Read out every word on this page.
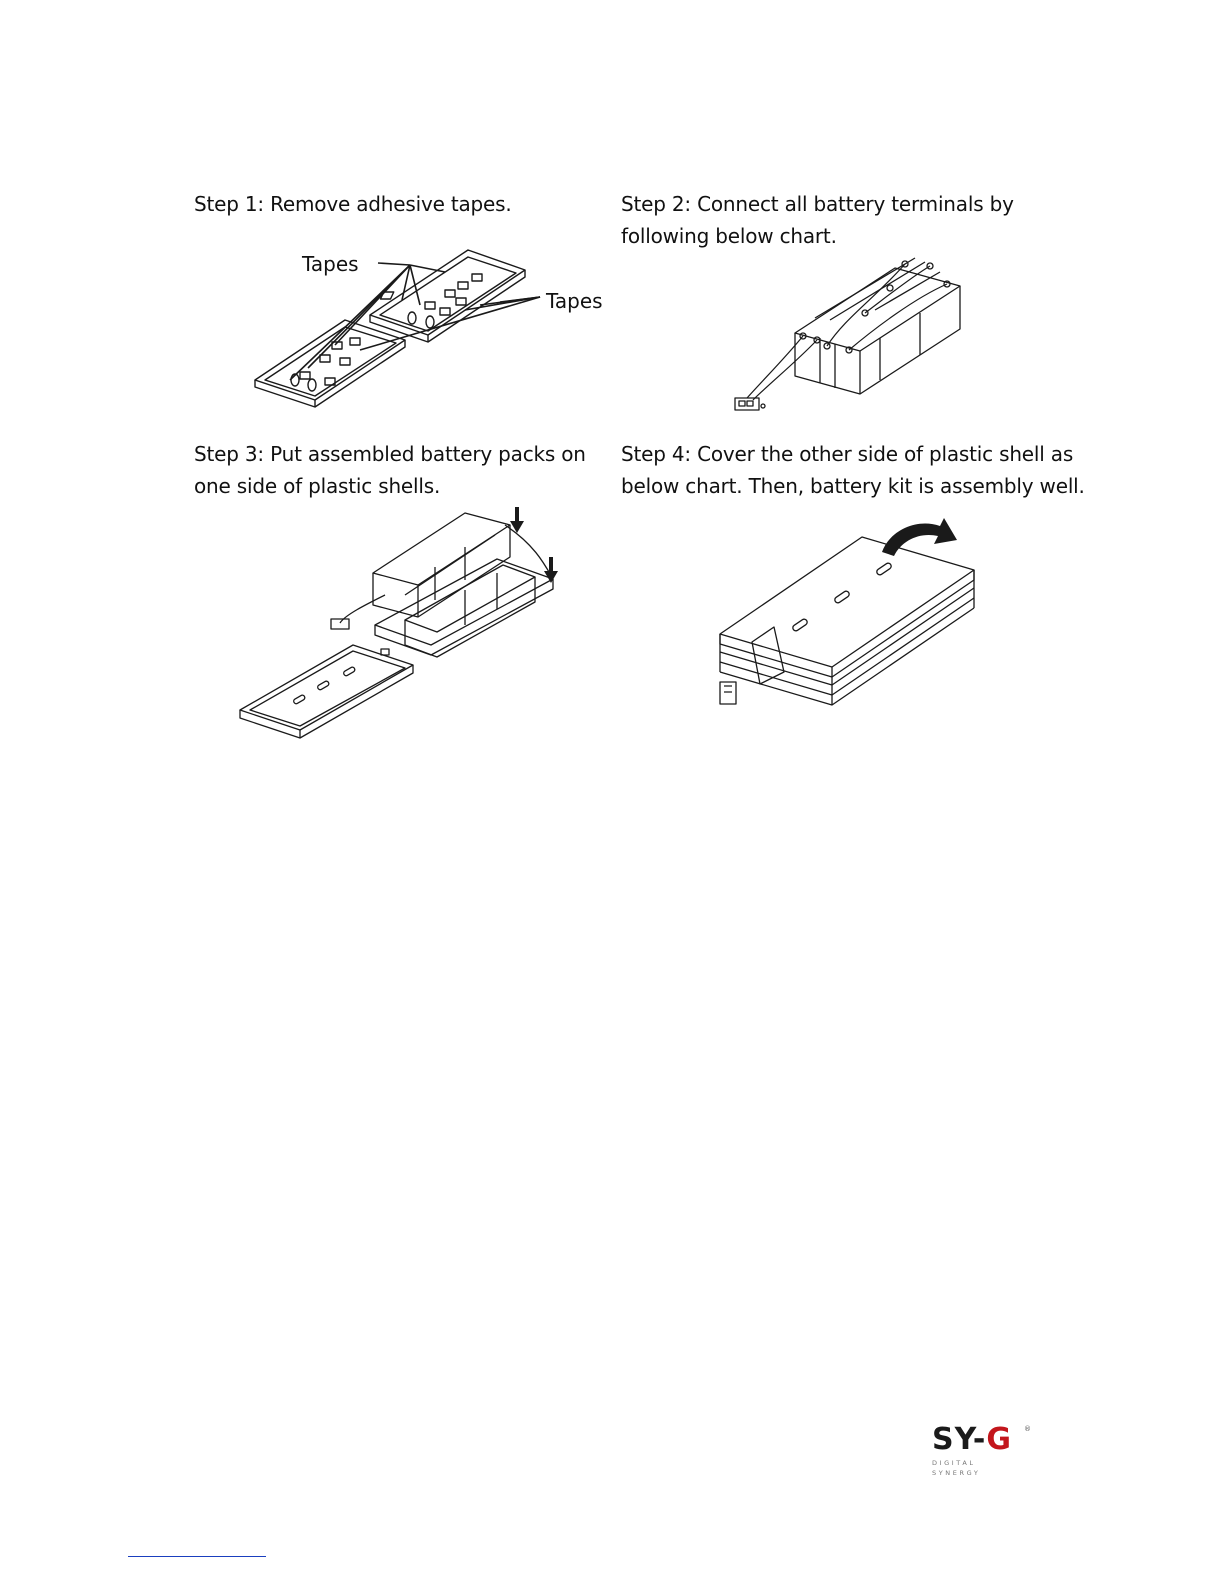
Step 1: Remove adhesive tapes.	Step 2: Connect all battery terminals by
following below chart.
Step 3: Put assembled battery packs on
one side of plastic shells.
Step 4: Cover the other side of plastic shell as
below chart. Then, battery kit is assembly well.
Tapes
Tapes
SY-G	®
DIGITAL SYNERGY
